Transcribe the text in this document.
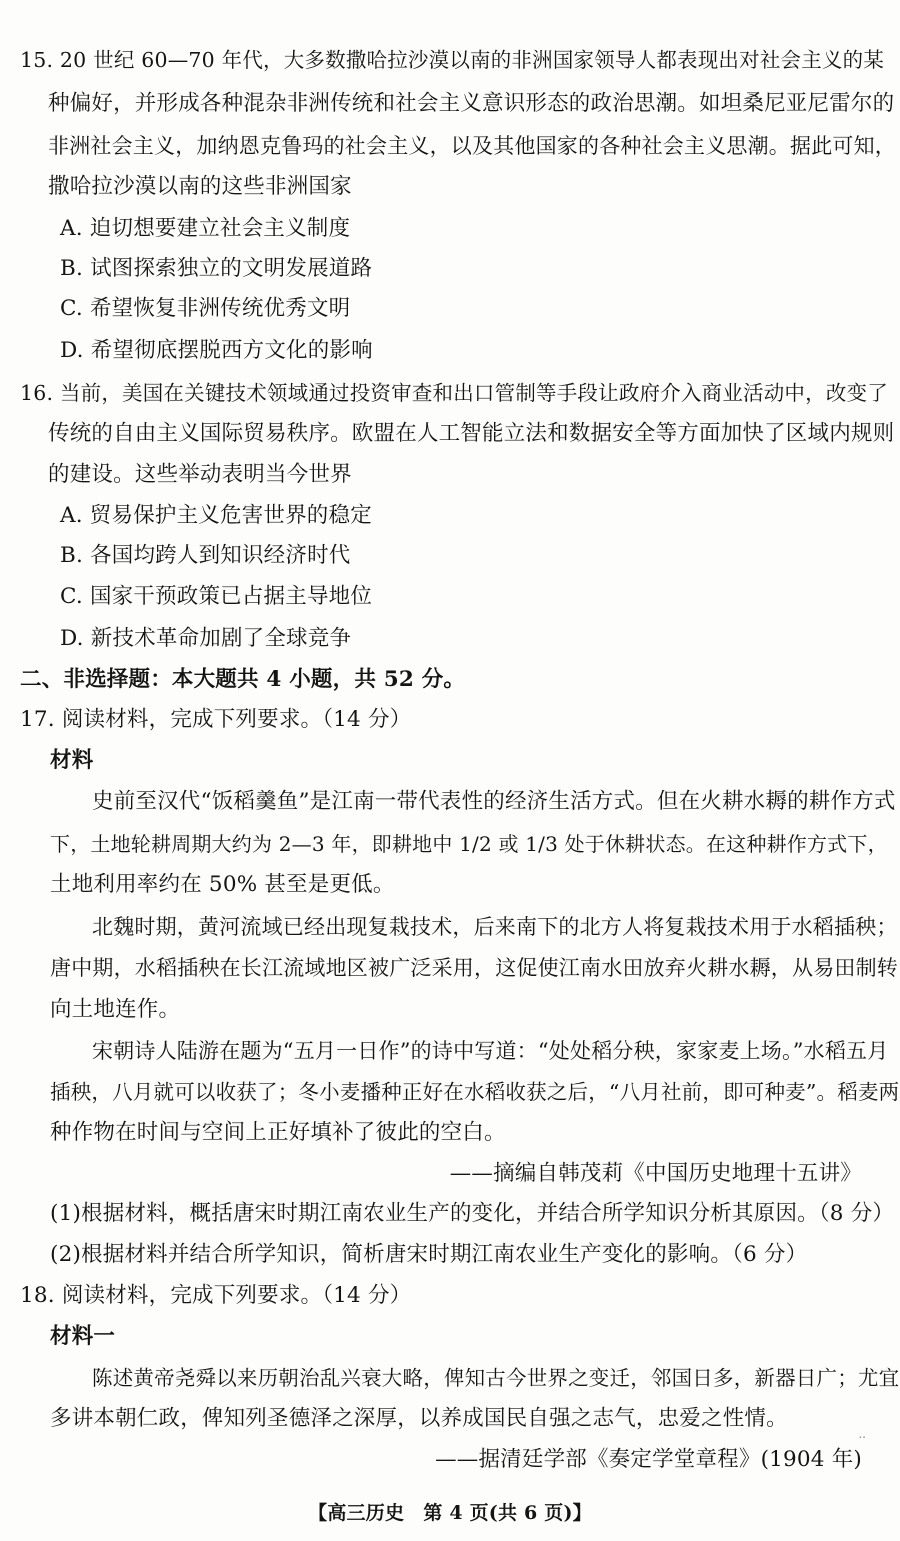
15. 20 世纪 60—70 年代，大多数撒哈拉沙漠以南的非洲国家领导人都表现出对社会主义的某
种偏好，并形成各种混杂非洲传统和社会主义意识形态的政治思潮。如坦桑尼亚尼雷尔的
非洲社会主义，加纳恩克鲁玛的社会主义，以及其他国家的各种社会主义思潮。据此可知，
撒哈拉沙漠以南的这些非洲国家
A. 迫切想要建立社会主义制度
B. 试图探索独立的文明发展道路
C. 希望恢复非洲传统优秀文明
D. 希望彻底摆脱西方文化的影响
16. 当前，美国在关键技术领域通过投资审查和出口管制等手段让政府介入商业活动中，改变了
传统的自由主义国际贸易秩序。欧盟在人工智能立法和数据安全等方面加快了区域内规则
的建设。这些举动表明当今世界
A. 贸易保护主义危害世界的稳定
B. 各国均跨人到知识经济时代
C. 国家干预政策已占据主导地位
D. 新技术革命加剧了全球竞争
二、非选择题：本大题共 4 小题，共 52 分。
17. 阅读材料，完成下列要求。（14 分）
材料
史前至汉代“饭稻羹鱼”是江南一带代表性的经济生活方式。但在火耕水耨的耕作方式
下，土地轮耕周期大约为 2—3 年，即耕地中 1/2 或 1/3 处于休耕状态。在这种耕作方式下，
土地利用率约在 50% 甚至是更低。
北魏时期，黄河流域已经出现复栽技术，后来南下的北方人将复栽技术用于水稻插秧；
唐中期，水稻插秧在长江流域地区被广泛采用，这促使江南水田放弃火耕水耨，从易田制转
向土地连作。
宋朝诗人陆游在题为“五月一日作”的诗中写道：“处处稻分秧，家家麦上场。”水稻五月
插秧，八月就可以收获了；冬小麦播种正好在水稻收获之后，“八月社前，即可种麦”。稻麦两
种作物在时间与空间上正好填补了彼此的空白。
——摘编自韩茂莉《中国历史地理十五讲》
(1)根据材料，概括唐宋时期江南农业生产的变化，并结合所学知识分析其原因。（8 分）
(2)根据材料并结合所学知识，简析唐宋时期江南农业生产变化的影响。（6 分）
18. 阅读材料，完成下列要求。（14 分）
材料一
陈述黄帝尧舜以来历朝治乱兴衰大略，俾知古今世界之变迁，邻国日多，新器日广；尤宜
多讲本朝仁政，俾知列圣德泽之深厚，以养成国民自强之志气，忠爱之性情。
——据清廷学部《奏定学堂章程》(1904 年)
【高三历史　第 4 页(共 6 页)】
..
